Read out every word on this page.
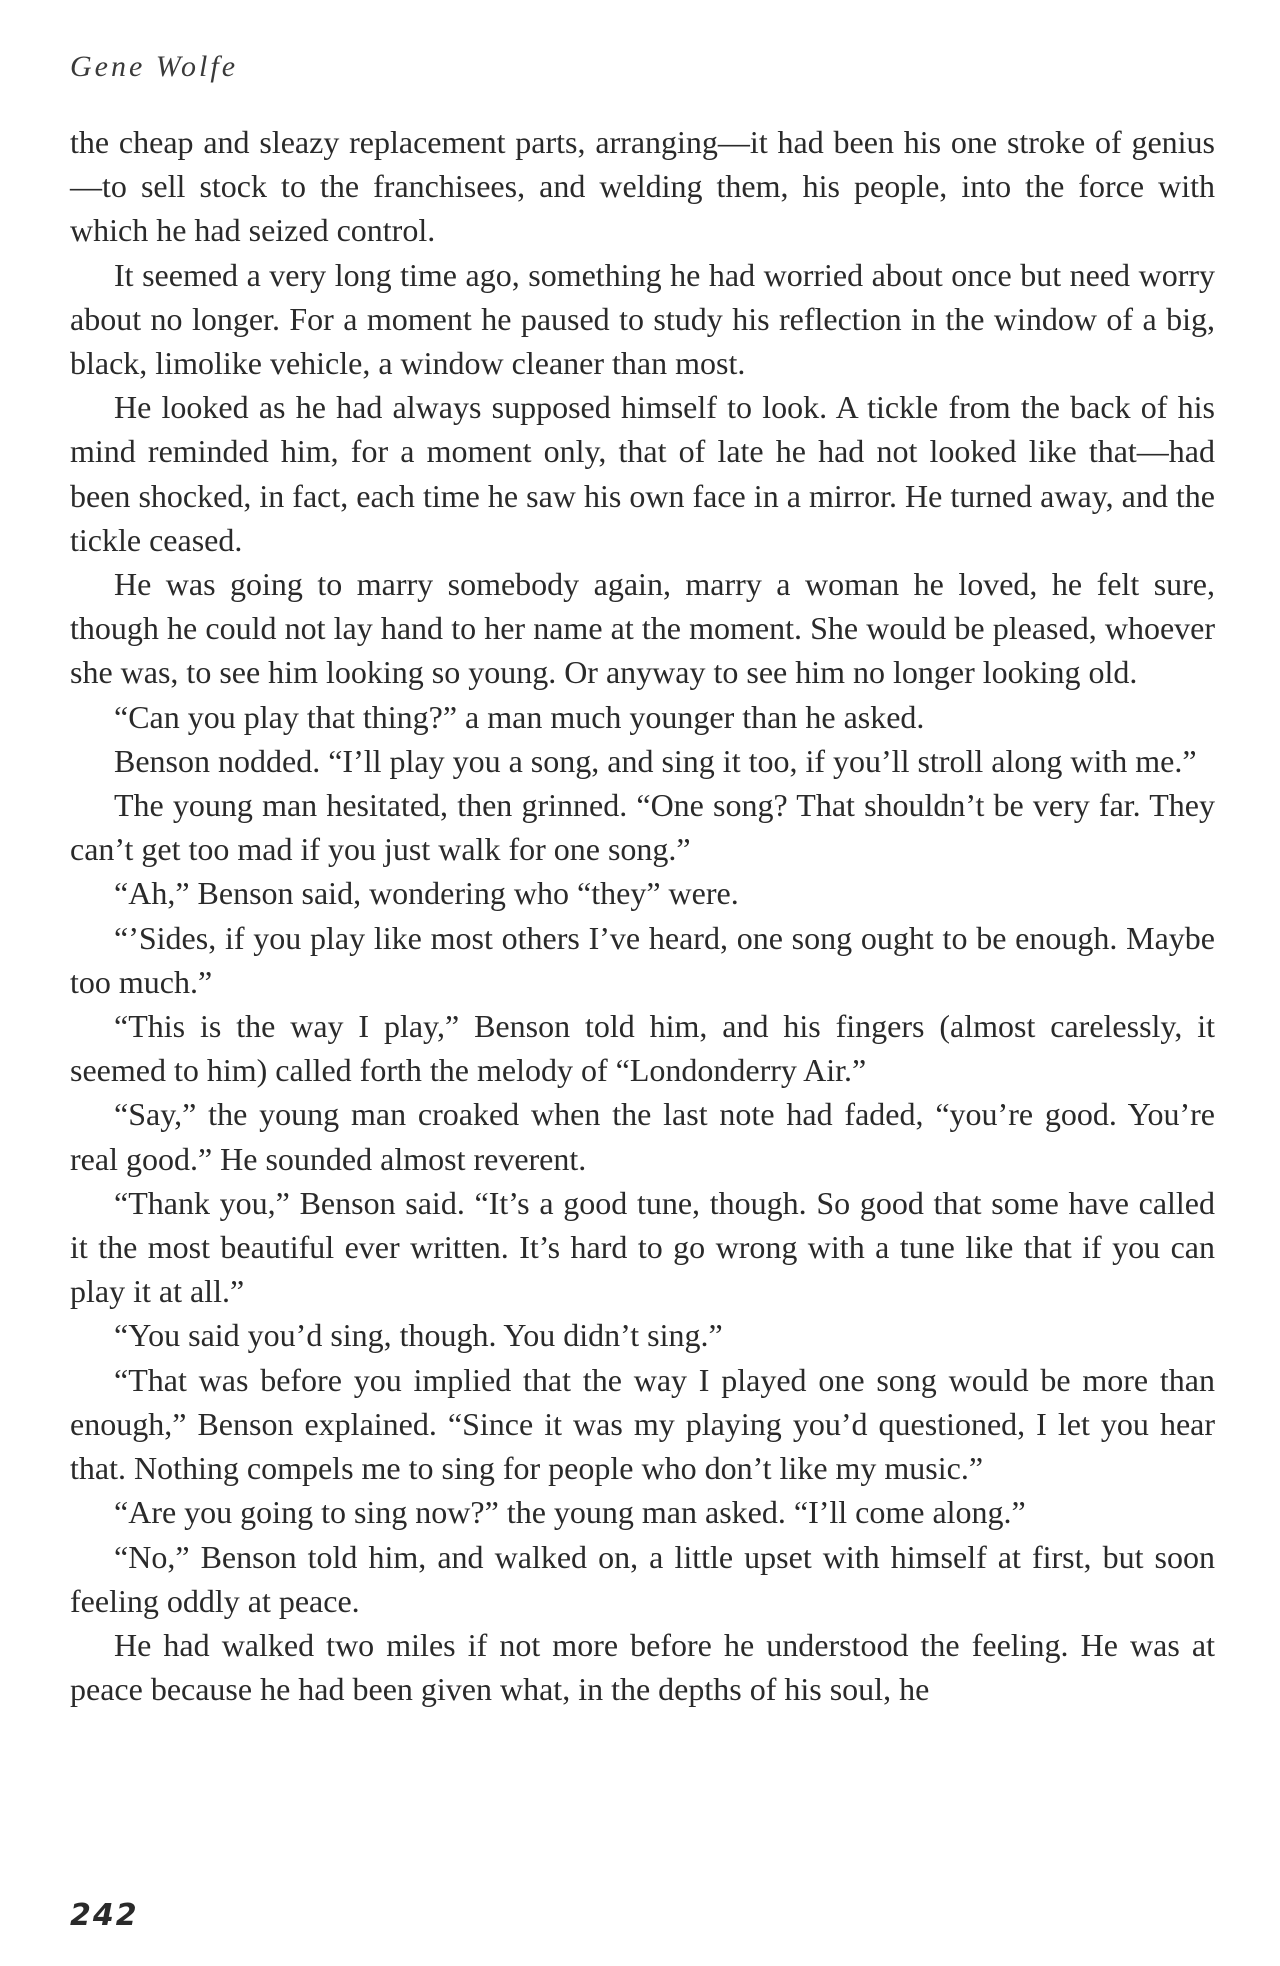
Gene Wolfe

the cheap and sleazy replacement parts, arranging—it had been his one stroke of genius—to sell stock to the franchisees, and welding them, his people, into the force with which he had seized control.

It seemed a very long time ago, something he had worried about once but need worry about no longer. For a moment he paused to study his reflection in the window of a big, black, limolike vehicle, a window cleaner than most.

He looked as he had always supposed himself to look. A tickle from the back of his mind reminded him, for a moment only, that of late he had not looked like that—had been shocked, in fact, each time he saw his own face in a mirror. He turned away, and the tickle ceased.

He was going to marry somebody again, marry a woman he loved, he felt sure, though he could not lay hand to her name at the moment. She would be pleased, whoever she was, to see him looking so young. Or anyway to see him no longer looking old.

“Can you play that thing?” a man much younger than he asked.

Benson nodded. “I’ll play you a song, and sing it too, if you’ll stroll along with me.”

The young man hesitated, then grinned. “One song? That shouldn’t be very far. They can’t get too mad if you just walk for one song.”

“Ah,” Benson said, wondering who “they” were.

“’Sides, if you play like most others I’ve heard, one song ought to be enough. Maybe too much.”

“This is the way I play,” Benson told him, and his fingers (almost carelessly, it seemed to him) called forth the melody of “Londonderry Air.”

“Say,” the young man croaked when the last note had faded, “you’re good. You’re real good.” He sounded almost reverent.

“Thank you,” Benson said. “It’s a good tune, though. So good that some have called it the most beautiful ever written. It’s hard to go wrong with a tune like that if you can play it at all.”

“You said you’d sing, though. You didn’t sing.”

“That was before you implied that the way I played one song would be more than enough,” Benson explained. “Since it was my playing you’d questioned, I let you hear that. Nothing compels me to sing for people who don’t like my music.”

“Are you going to sing now?” the young man asked. “I’ll come along.”

“No,” Benson told him, and walked on, a little upset with himself at first, but soon feeling oddly at peace.

He had walked two miles if not more before he understood the feeling. He was at peace because he had been given what, in the depths of his soul, he

242
